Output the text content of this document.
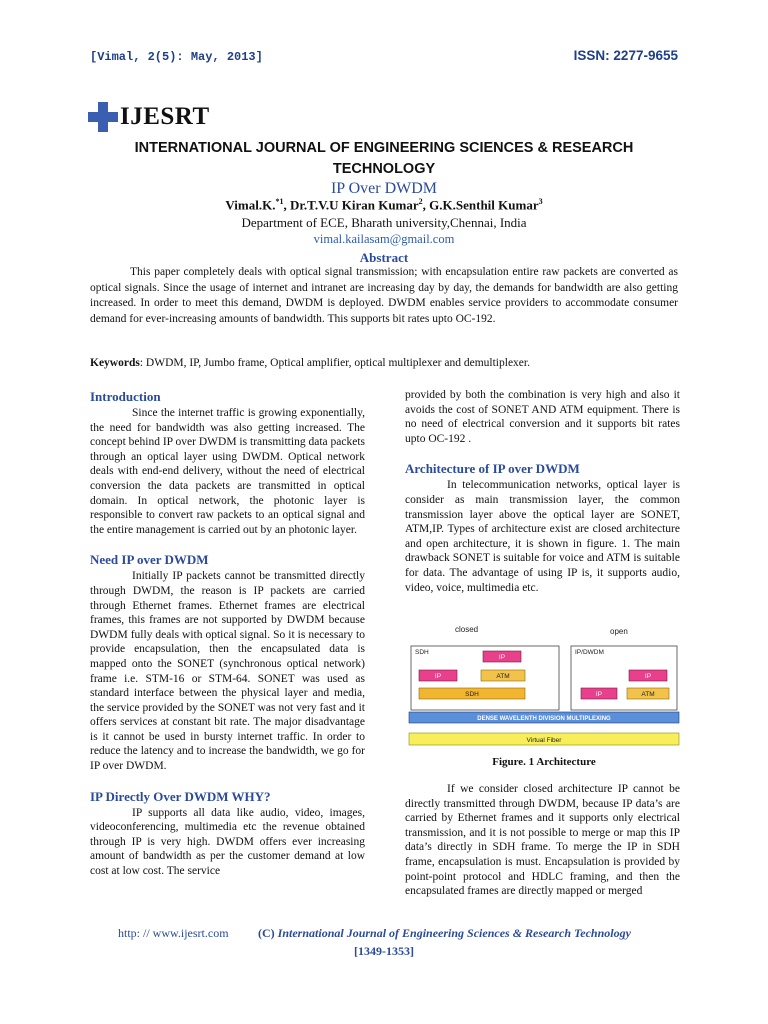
[Vimal, 2(5): May, 2013]	ISSN: 2277-9655
IJESRT
INTERNATIONAL JOURNAL OF ENGINEERING SCIENCES & RESEARCH TECHNOLOGY
IP Over DWDM
Vimal.K.$^{*1}$, Dr.T.V.U Kiran Kumar$^2$, G.K.Senthil Kumar$^3$
Department of ECE, Bharath university,Chennai, India
vimal.kailasam@gmail.com
Abstract

This paper completely deals with optical signal transmission; with encapsulation entire raw packets are converted as optical signals. Since the usage of internet and intranet are increasing day by day, the demands for bandwidth are also getting increased. In order to meet this demand, DWDM is deployed. DWDM enables service providers to accommodate consumer demand for ever-increasing amounts of bandwidth. This supports bit rates upto OC-192.

Keywords: DWDM, IP, Jumbo frame, Optical amplifier, optical multiplexer and demultiplexer.
Introduction

Since the internet traffic is growing exponentially, the need for bandwidth was also getting increased. The concept behind IP over DWDM is transmitting data packets through an optical layer using DWDM. Optical network deals with end-end delivery, without the need of electrical conversion the data packets are transmitted in optical domain. In optical network, the photonic layer is responsible to convert raw packets to an optical signal and the entire management is carried out by an photonic layer.

Need IP over DWDM

Initially IP packets cannot be transmitted directly through DWDM, the reason is IP packets are carried through Ethernet frames. Ethernet frames are electrical frames, this frames are not supported by DWDM because DWDM fully deals with optical signal. So it is necessary to provide encapsulation, then the encapsulated data is mapped onto the SONET (synchronous optical network) frame i.e. STM-16 or STM-64. SONET was used as standard interface between the physical layer and media, the service provided by the SONET was not very fast and it offers services at constant bit rate. The major disadvantage is it cannot be used in bursty internet traffic. In order to reduce the latency and to increase the bandwidth, we go for IP over DWDM.

IP Directly Over DWDM WHY?

IP supports all data like audio, video, images, videoconferencing, multimedia etc the revenue obtained through IP is very high. DWDM offers ever increasing amount of bandwidth as per the customer demand at low cost at low cost. The service

provided by both the combination is very high and also it avoids the cost of SONET AND ATM equipment. There is no need of electrical conversion and it supports bit rates upto OC-192 .

Architecture of IP over DWDM

In telecommunication networks, optical layer is consider as main transmission layer, the common transmission layer above the optical layer are SONET, ATM,IP. Types of architecture exist are closed architecture and open architecture, it is shown in figure. 1. The main drawback SONET is suitable for voice and ATM is suitable for data. The advantage of using IP is, it supports audio, video, voice, multimedia etc.

closed	open
SDH	IP/DWDM
IP
IP	ATM
SDH
IP
IP	ATM
DENSE WAVELENTH DIVISION MULTIPLEXING
Virtual Fiber
Figure. 1 Architecture

If we consider closed architecture IP cannot be directly transmitted through DWDM, because IP data’s are carried by Ethernet frames and it supports only electrical transmission, and it is not possible to merge or map this IP data’s directly in SDH frame. To merge the IP in SDH frame, encapsulation is must. Encapsulation is provided by point-point protocol and HDLC framing, and then the encapsulated frames are directly mapped or merged

http: // www.ijesrt.com (C) International Journal of Engineering Sciences & Research Technology
[1349-1353]
